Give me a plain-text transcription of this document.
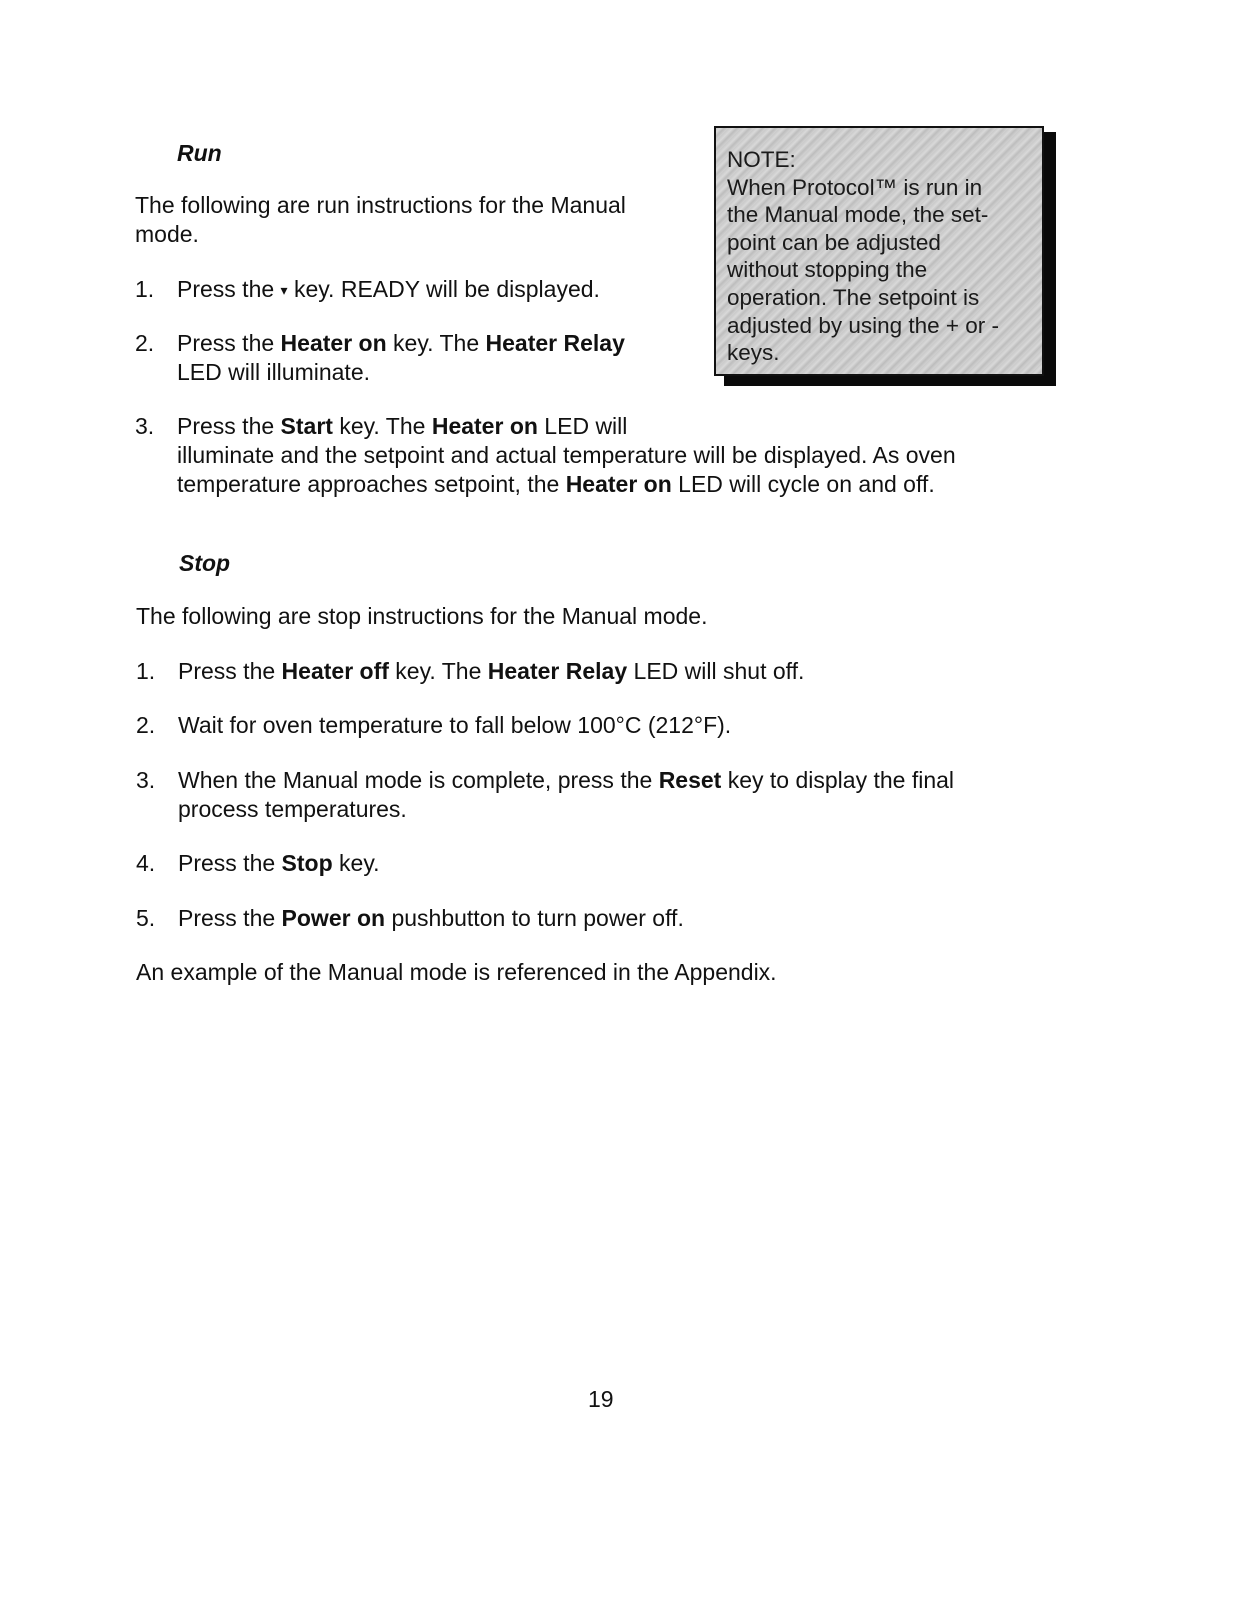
Run

The following are run instructions for the Manual
mode.

1. Press the ▾ key. READY will be displayed.
2. Press the Heater on key. The Heater Relay
LED will illuminate.
3. Press the Start key. The Heater on LED will
illuminate and the setpoint and actual temperature will be displayed. As oven
temperature approaches setpoint, the Heater on LED will cycle on and off.
NOTE:
When Protocol™ is run in
the Manual mode, the set-
point can be adjusted
without stopping the
operation. The setpoint is
adjusted by using the + or -
keys.

Stop

The following are stop instructions for the Manual mode.

1. Press the Heater off key. The Heater Relay LED will shut off.
2. Wait for oven temperature to fall below 100°C (212°F).
3. When the Manual mode is complete, press the Reset key to display the final
process temperatures.
4. Press the Stop key.
5. Press the Power on pushbutton to turn power off.

An example of the Manual mode is referenced in the Appendix.

19
